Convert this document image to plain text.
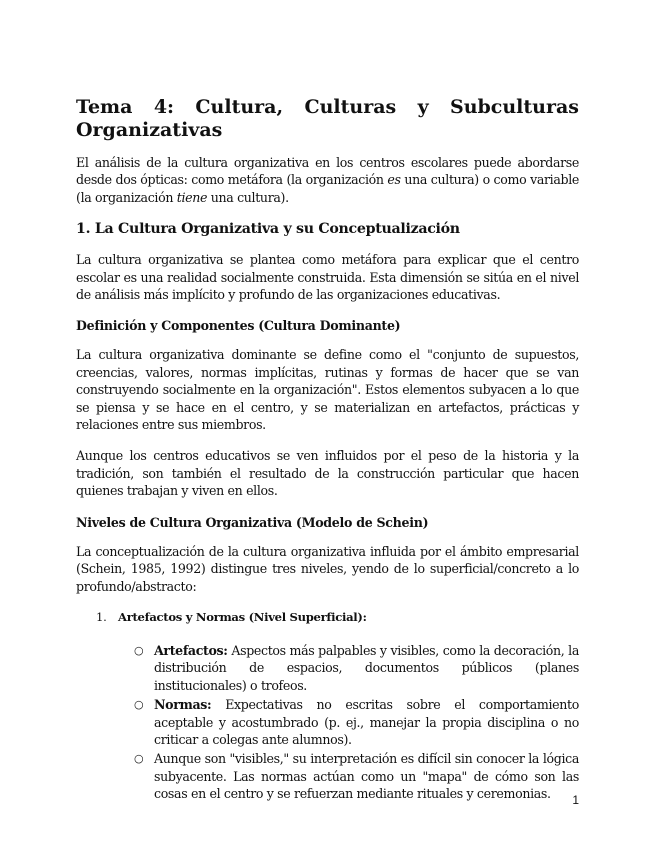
Tema 4: Cultura, Culturas y Subculturas Organizativas

El análisis de la cultura organizativa en los centros escolares puede abordarse desde dos ópticas: como metáfora (la organización es una cultura) o como variable (la organización tiene una cultura).

1. La Cultura Organizativa y su Conceptualización

La cultura organizativa se plantea como metáfora para explicar que el centro escolar es una realidad socialmente construida. Esta dimensión se sitúa en el nivel de análisis más implícito y profundo de las organizaciones educativas.

Definición y Componentes (Cultura Dominante)

La cultura organizativa dominante se define como el "conjunto de supuestos, creencias, valores, normas implícitas, rutinas y formas de hacer que se van construyendo socialmente en la organización". Estos elementos subyacen a lo que se piensa y se hace en el centro, y se materializan en artefactos, prácticas y relaciones entre sus miembros.

Aunque los centros educativos se ven influidos por el peso de la historia y la tradición, son también el resultado de la construcción particular que hacen quienes trabajan y viven en ellos.

Niveles de Cultura Organizativa (Modelo de Schein)

La conceptualización de la cultura organizativa influida por el ámbito empresarial (Schein, 1985, 1992) distingue tres niveles, yendo de lo superficial/concreto a lo profundo/abstracto:

1. Artefactos y Normas (Nivel Superficial):
○ Artefactos: Aspectos más palpables y visibles, como la decoración, la distribución de espacios, documentos públicos (planes institucionales) o trofeos.
○ Normas: Expectativas no escritas sobre el comportamiento aceptable y acostumbrado (p. ej., manejar la propia disciplina o no criticar a colegas ante alumnos).
○ Aunque son "visibles," su interpretación es difícil sin conocer la lógica subyacente. Las normas actúan como un "mapa" de cómo son las cosas en el centro y se refuerzan mediante rituales y ceremonias.	1
